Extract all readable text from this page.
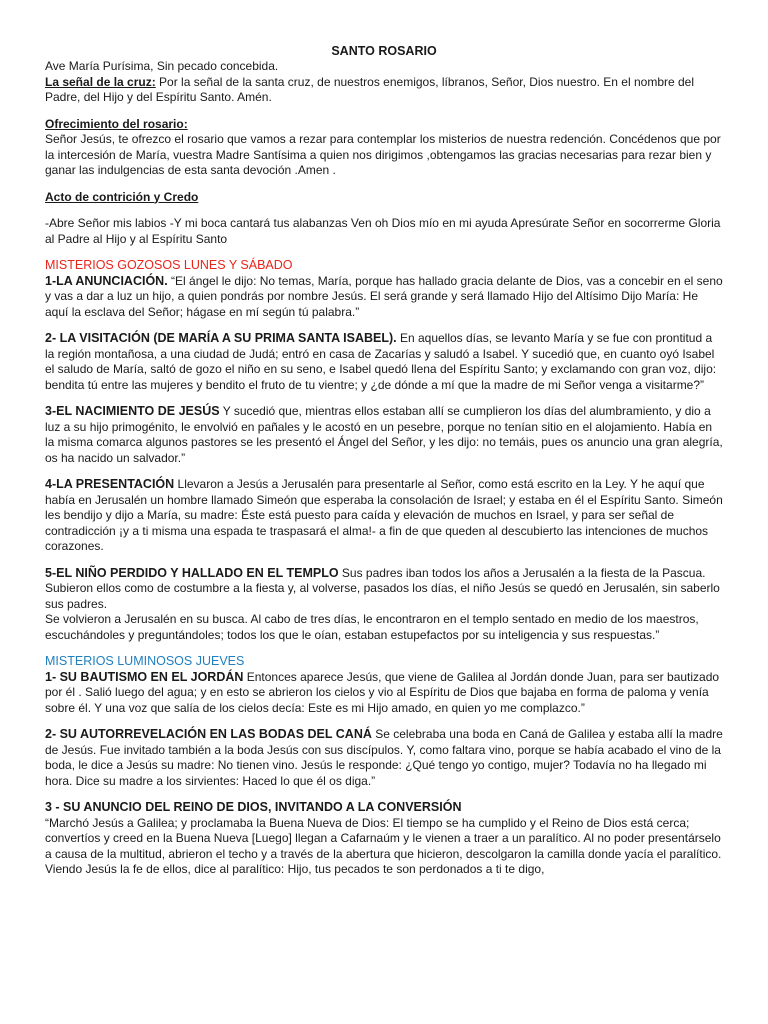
SANTO ROSARIO

Ave María Purísima, Sin pecado concebida.

La señal de la cruz: Por la señal de la santa cruz, de nuestros enemigos, líbranos, Señor, Dios nuestro. En el nombre del Padre, del Hijo y del Espíritu Santo. Amén.

Ofrecimiento del rosario:

Señor Jesús, te ofrezco el rosario que vamos a rezar para contemplar los misterios de nuestra redención. Concédenos que por la intercesión de María, vuestra Madre Santísima a quien nos dirigimos ,obtengamos las gracias necesarias para rezar bien y ganar las indulgencias de esta santa devoción .Amen .

Acto de contrición y Credo

-Abre Señor mis labios -Y mi boca cantará tus alabanzas Ven oh Dios mío en mi ayuda Apresúrate Señor en socorrerme Gloria al Padre al Hijo y al Espíritu Santo

MISTERIOS GOZOSOS LUNES Y SÁBADO

1-LA ANUNCIACIÓN. “El ángel le dijo: No temas, María, porque has hallado gracia delante de Dios, vas a concebir en el seno y vas a dar a luz un hijo, a quien pondrás por nombre Jesús. El será grande y será llamado Hijo del Altísimo Dijo María: He aquí la esclava del Señor; hágase en mí según tú palabra.”

2- LA VISITACIÓN (DE MARÍA A SU PRIMA SANTA ISABEL). En aquellos días, se levanto María y se fue con prontitud a la región montañosa, a una ciudad de Judá; entró en casa de Zacarías y saludó a Isabel. Y sucedió que, en cuanto oyó Isabel el saludo de María, saltó de gozo el niño en su seno, e Isabel quedó llena del Espíritu Santo; y exclamando con gran voz, dijo: bendita tú entre las mujeres y bendito el fruto de tu vientre; y ¿de dónde a mí que la madre de mi Señor venga a visitarme?”

3-EL NACIMIENTO DE JESÚS Y sucedió que, mientras ellos estaban allí se cumplieron los días del alumbramiento, y dio a luz a su hijo primogénito, le envolvió en pañales y le acostó en un pesebre, porque no tenían sitio en el alojamiento. Había en la misma comarca algunos pastores se les presentó el Ángel del Señor, y les dijo: no temáis, pues os anuncio una gran alegría, os ha nacido un salvador.”

4-LA PRESENTACIÓN Llevaron a Jesús a Jerusalén para presentarle al Señor, como está escrito en la Ley. Y he aquí que había en Jerusalén un hombre llamado Simeón que esperaba la consolación de Israel; y estaba en él el Espíritu Santo. Simeón les bendijo y dijo a María, su madre: Éste está puesto para caída y elevación de muchos en Israel, y para ser señal de contradicción ¡y a ti misma una espada te traspasará el alma!- a fin de que queden al descubierto las intenciones de muchos corazones.

5-EL NIÑO PERDIDO Y HALLADO EN EL TEMPLO Sus padres iban todos los años a Jerusalén a la fiesta de la Pascua. Subieron ellos como de costumbre a la fiesta y, al volverse, pasados los días, el niño Jesús se quedó en Jerusalén, sin saberlo sus padres.

Se volvieron a Jerusalén en su busca. Al cabo de tres días, le encontraron en el templo sentado en medio de los maestros, escuchándoles y preguntándoles; todos los que le oían, estaban estupefactos por su inteligencia y sus respuestas.”

MISTERIOS LUMINOSOS JUEVES

1- SU BAUTISMO EN EL JORDÁN Entonces aparece Jesús, que viene de Galilea al Jordán donde Juan, para ser bautizado por él . Salió luego del agua; y en esto se abrieron los cielos y vio al Espíritu de Dios que bajaba en forma de paloma y venía sobre él. Y una voz que salía de los cielos decía: Este es mi Hijo amado, en quien yo me complazco.”

2- SU AUTORREVELACIÓN EN LAS BODAS DEL CANÁ Se celebraba una boda en Caná de Galilea y estaba allí la madre de Jesús. Fue invitado también a la boda Jesús con sus discípulos. Y, como faltara vino, porque se había acabado el vino de la boda, le dice a Jesús su madre: No tienen vino. Jesús le responde: ¿Qué tengo yo contigo, mujer? Todavía no ha llegado mi hora. Dice su madre a los sirvientes: Haced lo que él os diga.”

3 - SU ANUNCIO DEL REINO DE DIOS, INVITANDO A LA CONVERSIÓN

“Marchó Jesús a Galilea; y proclamaba la Buena Nueva de Dios: El tiempo se ha cumplido y el Reino de Dios está cerca; convertíos y creed en la Buena Nueva [Luego] llegan a Cafarnaúm y le vienen a traer a un paralítico. Al no poder presentárselo a causa de la multitud, abrieron el techo y a través de la abertura que hicieron, descolgaron la camilla donde yacía el paralítico. Viendo Jesús la fe de ellos, dice al paralítico: Hijo, tus pecados te son perdonados a ti te digo,
